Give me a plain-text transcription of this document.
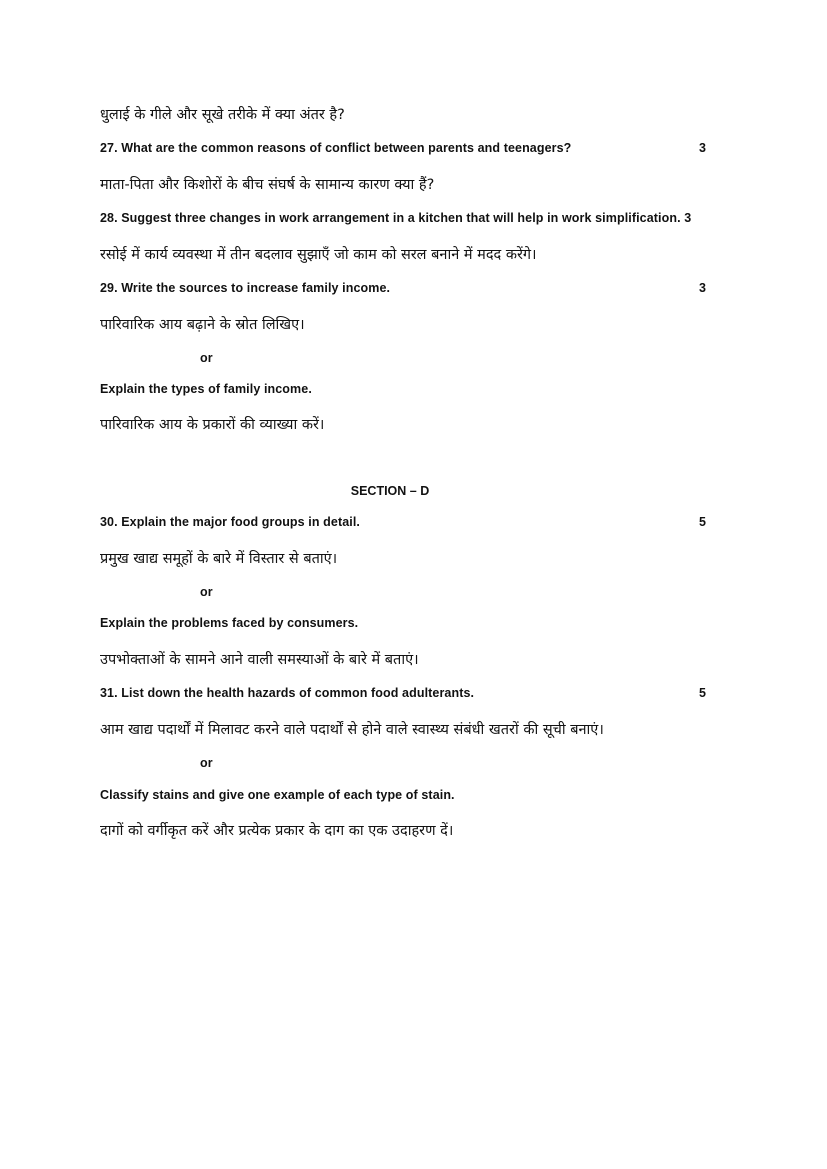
धुलाई के गीले और सूखे तरीके में क्या अंतर है?
27. What are the common reasons of conflict between parents and teenagers?	3
माता-पिता और किशोरों के बीच संघर्ष के सामान्य कारण क्या हैं?
28. Suggest three changes in work arrangement in a kitchen that will help in work simplification. 3
रसोई में कार्य व्यवस्था में तीन बदलाव सुझाएँ जो काम को सरल बनाने में मदद करेंगे।
29. Write the sources to increase family income.	3
पारिवारिक आय बढ़ाने के स्रोत लिखिए।
or
Explain the types of family income.
पारिवारिक आय के प्रकारों की व्याख्या करें।
SECTION – D
30. Explain the major food groups in detail.	5
प्रमुख खाद्य समूहों के बारे में विस्तार से बताएं।
or
Explain the problems faced by consumers.
उपभोक्ताओं के सामने आने वाली समस्याओं के बारे में बताएं।
31. List down the health hazards of common food adulterants.	5
आम खाद्य पदार्थों में मिलावट करने वाले पदार्थों से होने वाले स्वास्थ्य संबंधी खतरों की सूची बनाएं।
or
Classify stains and give one example of each type of stain.
दागों को वर्गीकृत करें और प्रत्येक प्रकार के दाग का एक उदाहरण दें।
